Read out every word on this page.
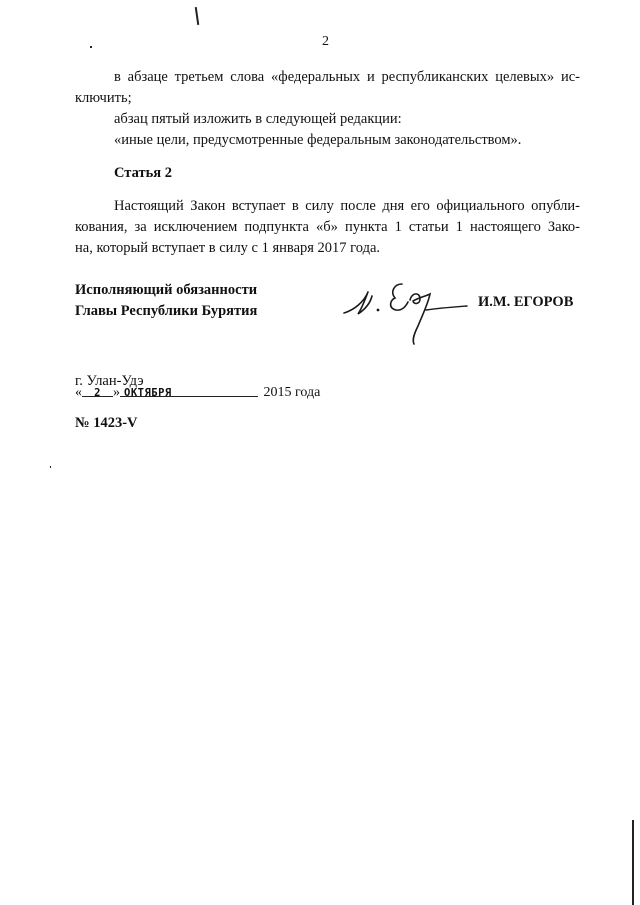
2
в абзаце третьем слова «федеральных и республиканских целевых» ис-
ключить;
абзац пятый изложить в следующей редакции:
«иные цели, предусмотренные федеральным законодательством».
Статья 2
Настоящий Закон вступает в силу после дня его официального опубли-
кования, за исключением подпункта «б» пункта 1 статьи 1 настоящего Зако-
на, который вступает в силу с 1 января 2017 года.
Исполняющий обязанности
Главы Республики Бурятия
И.М. ЕГОРОВ
г. Улан-Удэ
« 2 » ОКТЯБРЯ	2015 года
№ 1423-V
